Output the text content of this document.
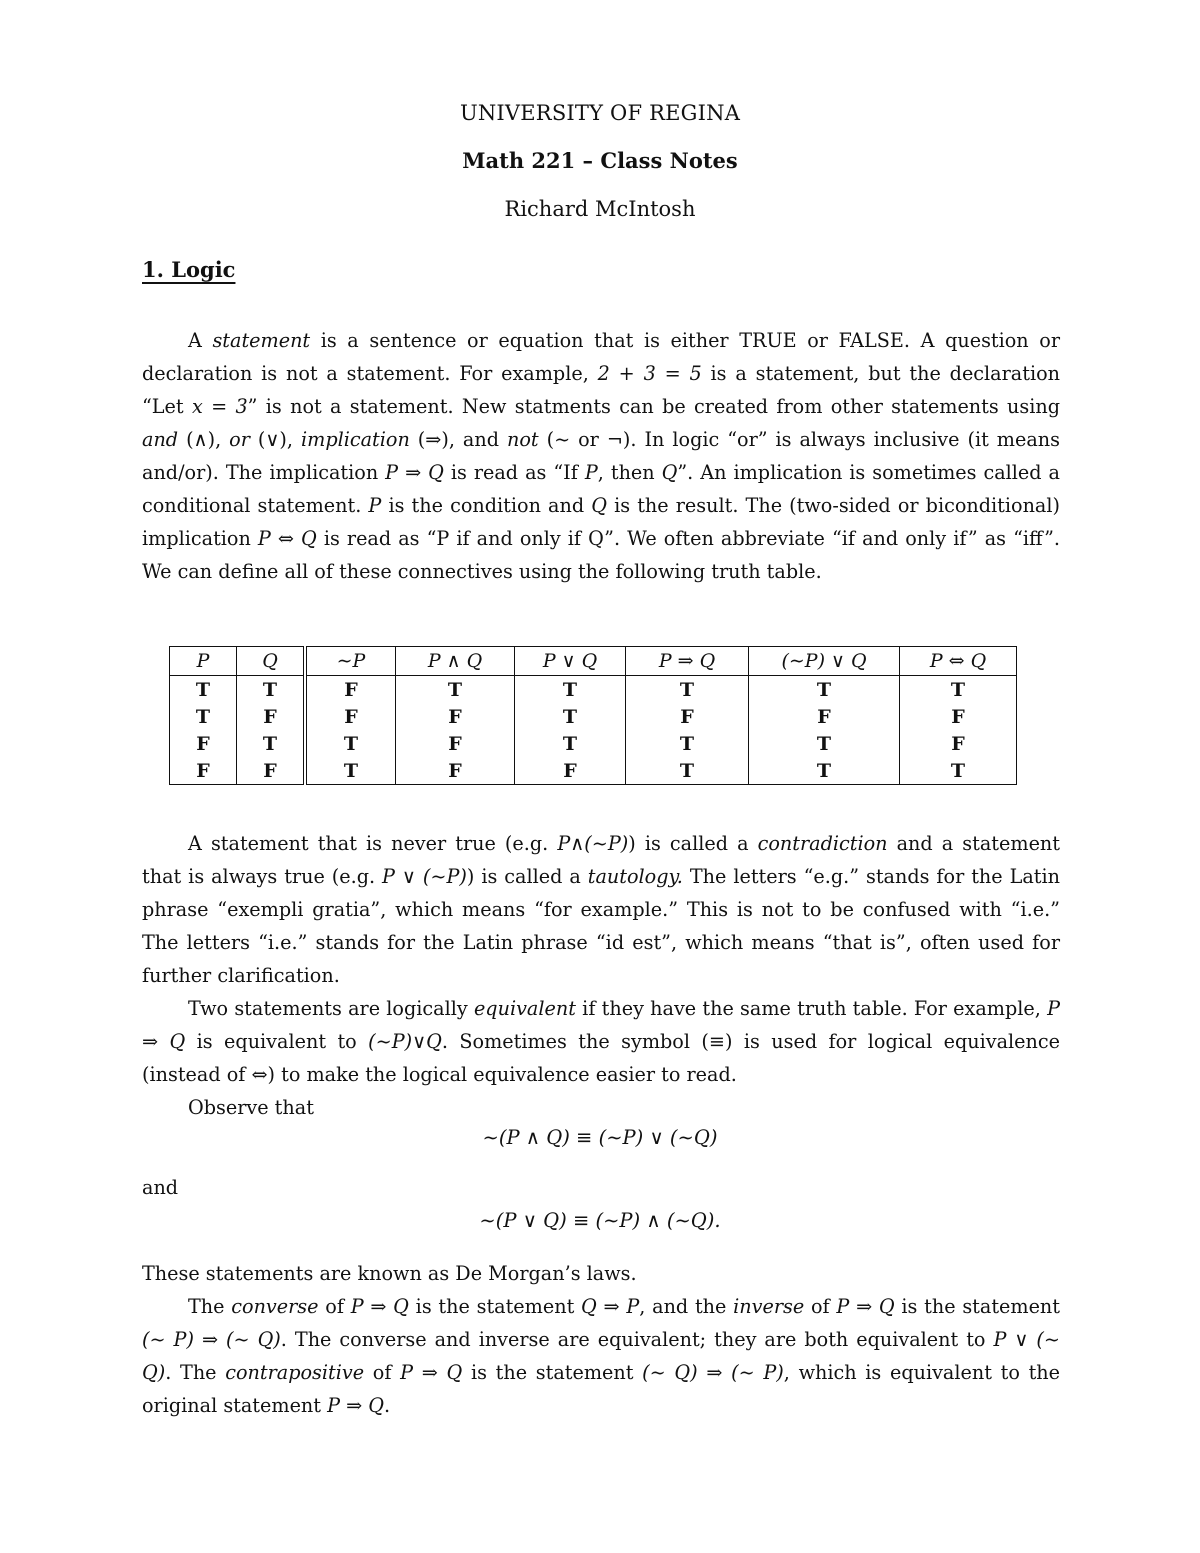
UNIVERSITY OF REGINA
Math 221 – Class Notes
Richard McIntosh
1. Logic

A statement is a sentence or equation that is either TRUE or FALSE. A question or declaration is not a statement. For example, 2 + 3 = 5 is a statement, but the declaration “Let x = 3” is not a statement. New statments can be created from other statements using and (∧), or (∨), implication (⇒), and not (∼ or ¬). In logic “or” is always inclusive (it means and/or). The implication P ⇒ Q is read as “If P, then Q”. An implication is sometimes called a conditional statement. P is the condition and Q is the result. The (two-sided or biconditional) implication P ⇔ Q is read as “P if and only if Q”. We often abbreviate “if and only if” as “iff”. We can define all of these connectives using the following truth table.

P	Q	∼P	P ∧ Q	P ∨ Q	P ⇒ Q	(∼P) ∨ Q	P ⇔ Q
T	T	F	T	T	T	T	T
T	F	F	F	T	F	F	F
F	T	T	F	T	T	T	F
F	F	T	F	F	T	T	T

A statement that is never true (e.g. P∧(∼P)) is called a contradiction and a statement that is always true (e.g. P ∨ (∼P)) is called a tautology. The letters “e.g.” stands for the Latin phrase “exempli gratia”, which means “for example.” This is not to be confused with “i.e.” The letters “i.e.” stands for the Latin phrase “id est”, which means “that is”, often used for further clarification.

Two statements are logically equivalent if they have the same truth table. For example, P ⇒ Q is equivalent to (∼P)∨Q. Sometimes the symbol (≡) is used for logical equivalence (instead of ⇔) to make the logical equivalence easier to read.

Observe that

∼(P ∧ Q) ≡ (∼P) ∨ (∼Q)
and
∼(P ∨ Q) ≡ (∼P) ∧ (∼Q).

These statements are known as De Morgan’s laws.

The converse of P ⇒ Q is the statement Q ⇒ P, and the inverse of P ⇒ Q is the statement (∼ P) ⇒ (∼ Q). The converse and inverse are equivalent; they are both equivalent to P ∨ (∼ Q). The contrapositive of P ⇒ Q is the statement (∼ Q) ⇒ (∼ P), which is equivalent to the original statement P ⇒ Q.
